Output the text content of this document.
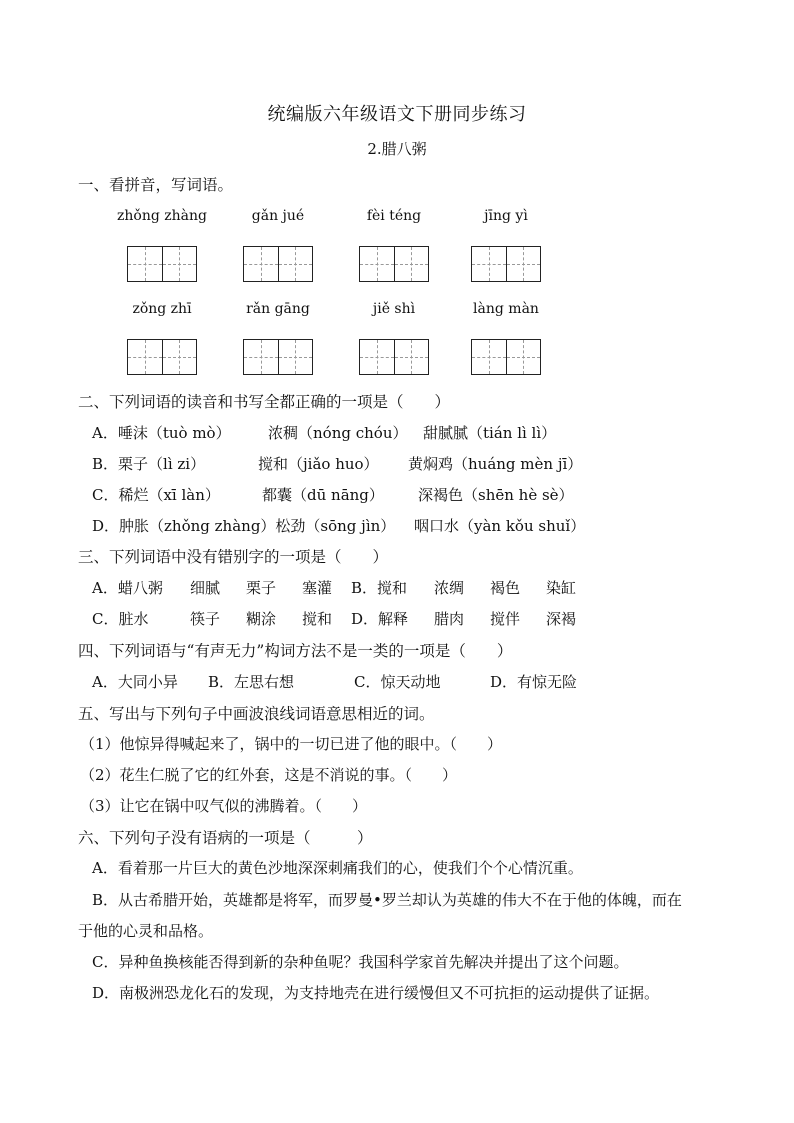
统编版六年级语文下册同步练习
2.腊八粥
一、看拼音，写词语。
zhǒng zhàng	gǎn jué	fèi téng	jīng yì
zǒng zhī	rǎn gāng	jiě shì	làng màn
二、下列词语的读音和书写全都正确的一项是（　　）
A．唾沫（tuò mò） 浓稠（nóng chóu） 甜腻腻（tián lì lì）
B．栗子（lì zi）	搅和（jiǎo huo） 黄焖鸡（huáng mèn jī）
C．稀烂（xī làn）	都囊（dū nāng） 深褐色（shēn hè sè）
D．肿胀（zhǒng zhàng）松劲（sōng jìn） 咽口水（yàn kǒu shuǐ）
三、下列词语中没有错别字的一项是（　　）
A．蜡八粥 细腻 栗子 塞灌 B．搅和 浓绸 褐色 染缸
C．脏水	筷子 糊涂 搅和 D．解释 腊肉 搅伴 深褐
四、下列词语与“有声无力”构词方法不是一类的一项是（　　）
A．大同小异 B．左思右想	C．惊天动地	D．有惊无险
五、写出与下列句子中画波浪线词语意思相近的词。
（1）他惊异得喊起来了，锅中的一切已进了他的眼中。（　　）
（2）花生仁脱了它的红外套，这是不消说的事。（　　）
（3）让它在锅中叹气似的沸腾着。（　　）
六、下列句子没有语病的一项是（　　　）
A．看着那一片巨大的黄色沙地深深刺痛我们的心，使我们个个心情沉重。
B．从古希腊开始，英雄都是将军，而罗曼•罗兰却认为英雄的伟大不在于他的体魄，而在
于他的心灵和品格。
C．异种鱼换核能否得到新的杂种鱼呢？我国科学家首先解决并提出了这个问题。
D．南极洲恐龙化石的发现，为支持地壳在进行缓慢但又不可抗拒的运动提供了证据。
